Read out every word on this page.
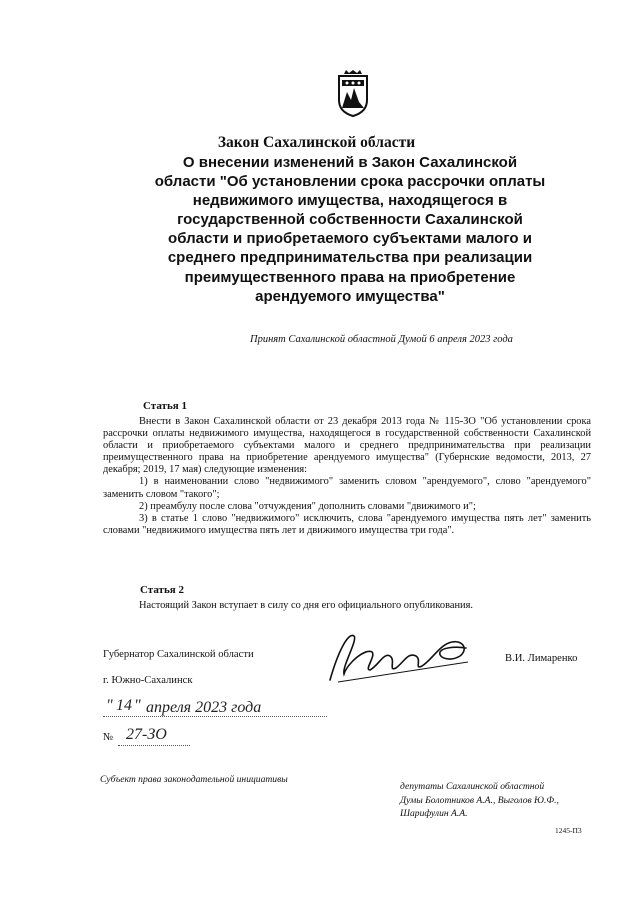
Закон Сахалинской области
О внесении изменений в Закон Сахалинской
области "Об установлении срока рассрочки оплаты
недвижимого имущества, находящегося в
государственной собственности Сахалинской
области и приобретаемого субъектами малого и
среднего предпринимательства при реализации
преимущественного права на приобретение
арендуемого имущества"
Принят Сахалинской областной Думой 6 апреля 2023 года
Статья 1

Внести в Закон Сахалинской области от 23 декабря 2013 года № 115-ЗО "Об установлении срока рассрочки оплаты недвижимого имущества, находящегося в государственной собственности Сахалинской области и приобретаемого субъектами малого и среднего предпринимательства при реализации преимущественного права на приобретение арендуемого имущества" (Губернские ведомости, 2013, 27 декабря; 2019, 17 мая) следующие изменения:

1) в наименовании слово "недвижимого" заменить словом "арендуемого", слово "арендуемого" заменить словом "такого";

2) преамбулу после слова "отчуждения" дополнить словами "движимого и";

3) в статье 1 слово "недвижимого" исключить, слова "арендуемого имущества пять лет" заменить словами "недвижимого имущества пять лет и движимого имущества три года".

Статья 2

Настоящий Закон вступает в силу со дня его официального опубликования.

Губернатор Сахалинской области	В.И. Лимаренко
г. Южно-Сахалинск
" 14 " апреля 2023 года
№ 27-ЗО
Субъект права законодательной инициативы
депутаты Сахалинской областной
Думы Болотников А.А., Выголов Ю.Ф.,
Шарифулин А.А.
1245-П3
